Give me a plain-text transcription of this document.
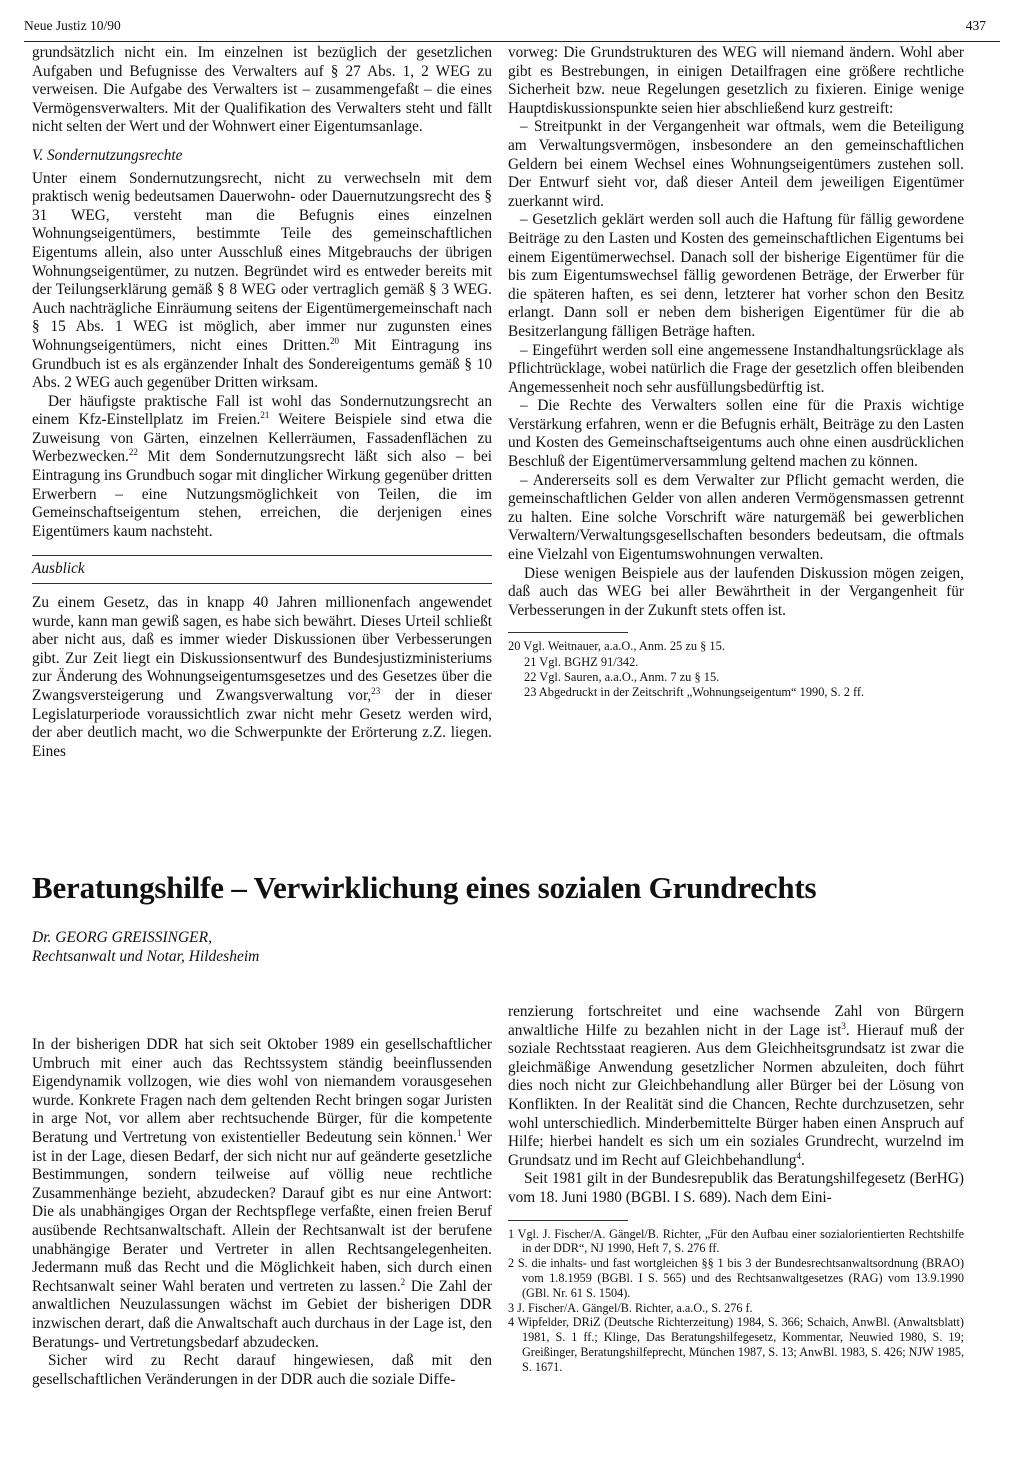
Neue Justiz 10/90	437

grundsätzlich nicht ein. Im einzelnen ist bezüglich der gesetzlichen Aufgaben und Befugnisse des Verwalters auf § 27 Abs. 1, 2 WEG zu verweisen. Die Aufgabe des Verwalters ist – zusammengefaßt – die eines Vermögensverwalters. Mit der Qualifikation des Verwalters steht und fällt nicht selten der Wert und der Wohnwert einer Eigentumsanlage.

V. Sondernutzungsrechte

Unter einem Sondernutzungsrecht, nicht zu verwechseln mit dem praktisch wenig bedeutsamen Dauerwohn- oder Dauernutzungsrecht des § 31 WEG, versteht man die Befugnis eines einzelnen Wohnungseigentümers, bestimmte Teile des gemeinschaftlichen Eigentums allein, also unter Ausschluß eines Mitgebrauchs der übrigen Wohnungseigentümer, zu nutzen. Begründet wird es entweder bereits mit der Teilungserklärung gemäß § 8 WEG oder vertraglich gemäß § 3 WEG. Auch nachträgliche Einräumung seitens der Eigentümergemeinschaft nach § 15 Abs. 1 WEG ist möglich, aber immer nur zugunsten eines Wohnungseigentümers, nicht eines Dritten.$^{20}$ Mit Eintragung ins Grundbuch ist es als ergänzender Inhalt des Sondereigentums gemäß § 10 Abs. 2 WEG auch gegenüber Dritten wirksam.

Der häufigste praktische Fall ist wohl das Sondernutzungsrecht an einem Kfz-Einstellplatz im Freien.$^{21}$ Weitere Beispiele sind etwa die Zuweisung von Gärten, einzelnen Kellerräumen, Fassadenflächen zu Werbezwecken.$^{22}$ Mit dem Sondernutzungsrecht läßt sich also – bei Eintragung ins Grundbuch sogar mit dinglicher Wirkung gegenüber dritten Erwerbern – eine Nutzungsmöglichkeit von Teilen, die im Gemeinschaftseigentum stehen, erreichen, die derjenigen eines Eigentümers kaum nachsteht.

Ausblick

Zu einem Gesetz, das in knapp 40 Jahren millionenfach angewendet wurde, kann man gewiß sagen, es habe sich bewährt. Dieses Urteil schließt aber nicht aus, daß es immer wieder Diskussionen über Verbesserungen gibt. Zur Zeit liegt ein Diskussionsentwurf des Bundesjustizministeriums zur Änderung des Wohnungseigentumsgesetzes und des Gesetzes über die Zwangsversteigerung und Zwangsverwaltung vor,$^{23}$ der in dieser Legislaturperiode voraussichtlich zwar nicht mehr Gesetz werden wird, der aber deutlich macht, wo die Schwerpunkte der Erörterung z.Z. liegen. Eines

vorweg: Die Grundstrukturen des WEG will niemand ändern. Wohl aber gibt es Bestrebungen, in einigen Detailfragen eine größere rechtliche Sicherheit bzw. neue Regelungen gesetzlich zu fixieren. Einige wenige Hauptdiskussionspunkte seien hier abschließend kurz gestreift:

– Streitpunkt in der Vergangenheit war oftmals, wem die Beteiligung am Verwaltungsvermögen, insbesondere an den gemeinschaftlichen Geldern bei einem Wechsel eines Wohnungseigentümers zustehen soll. Der Entwurf sieht vor, daß dieser Anteil dem jeweiligen Eigentümer zuerkannt wird.

– Gesetzlich geklärt werden soll auch die Haftung für fällig gewordene Beiträge zu den Lasten und Kosten des gemeinschaftlichen Eigentums bei einem Eigentümerwechsel. Danach soll der bisherige Eigentümer für die bis zum Eigentumswechsel fällig gewordenen Beträge, der Erwerber für die späteren haften, es sei denn, letzterer hat vorher schon den Besitz erlangt. Dann soll er neben dem bisherigen Eigentümer für die ab Besitzerlangung fälligen Beträge haften.

– Eingeführt werden soll eine angemessene Instandhaltungsrücklage als Pflichtrücklage, wobei natürlich die Frage der gesetzlich offen bleibenden Angemessenheit noch sehr ausfüllungsbedürftig ist.

– Die Rechte des Verwalters sollen eine für die Praxis wichtige Verstärkung erfahren, wenn er die Befugnis erhält, Beiträge zu den Lasten und Kosten des Gemeinschaftseigentums auch ohne einen ausdrücklichen Beschluß der Eigentümerversammlung geltend machen zu können.

– Andererseits soll es dem Verwalter zur Pflicht gemacht werden, die gemeinschaftlichen Gelder von allen anderen Vermögensmassen getrennt zu halten. Eine solche Vorschrift wäre naturgemäß bei gewerblichen Verwaltern/Verwaltungsgesellschaften besonders bedeutsam, die oftmals eine Vielzahl von Eigentumswohnungen verwalten.

Diese wenigen Beispiele aus der laufenden Diskussion mögen zeigen, daß auch das WEG bei aller Bewährtheit in der Vergangenheit für Verbesserungen in der Zukunft stets offen ist.

20 Vgl. Weitnauer, a.a.O., Anm. 25 zu § 15.

21 Vgl. BGHZ 91/342.

22 Vgl. Sauren, a.a.O., Anm. 7 zu § 15.

23 Abgedruckt in der Zeitschrift „Wohnungseigentum“ 1990, S. 2 ff.

Beratungshilfe – Verwirklichung eines sozialen Grundrechts
Dr. GEORG GREISSINGER,
Rechtsanwalt und Notar, Hildesheim

In der bisherigen DDR hat sich seit Oktober 1989 ein gesellschaftlicher Umbruch mit einer auch das Rechtssystem ständig beeinflussenden Eigendynamik vollzogen, wie dies wohl von niemandem vorausgesehen wurde. Konkrete Fragen nach dem geltenden Recht bringen sogar Juristen in arge Not, vor allem aber rechtsuchende Bürger, für die kompetente Beratung und Vertretung von existentieller Bedeutung sein können.$^1$ Wer ist in der Lage, diesen Bedarf, der sich nicht nur auf geänderte gesetzliche Bestimmungen, sondern teilweise auf völlig neue rechtliche Zusammenhänge bezieht, abzudecken? Darauf gibt es nur eine Antwort: Die als unabhängiges Organ der Rechtspflege verfaßte, einen freien Beruf ausübende Rechtsanwaltschaft. Allein der Rechtsanwalt ist der berufene unabhängige Berater und Vertreter in allen Rechtsangelegenheiten. Jedermann muß das Recht und die Möglichkeit haben, sich durch einen Rechtsanwalt seiner Wahl beraten und vertreten zu lassen.$^2$ Die Zahl der anwaltlichen Neuzulassungen wächst im Gebiet der bisherigen DDR inzwischen derart, daß die Anwaltschaft auch durchaus in der Lage ist, den Beratungs- und Vertretungsbedarf abzudecken.

Sicher wird zu Recht darauf hingewiesen, daß mit den gesellschaftlichen Veränderungen in der DDR auch die soziale Diffe-

renzierung fortschreitet und eine wachsende Zahl von Bürgern anwaltliche Hilfe zu bezahlen nicht in der Lage ist$^3$. Hierauf muß der soziale Rechtsstaat reagieren. Aus dem Gleichheitsgrundsatz ist zwar die gleichmäßige Anwendung gesetzlicher Normen abzuleiten, doch führt dies noch nicht zur Gleichbehandlung aller Bürger bei der Lösung von Konflikten. In der Realität sind die Chancen, Rechte durchzusetzen, sehr wohl unterschiedlich. Minderbemittelte Bürger haben einen Anspruch auf Hilfe; hierbei handelt es sich um ein soziales Grundrecht, wurzelnd im Grundsatz und im Recht auf Gleichbehandlung$^4$.

Seit 1981 gilt in der Bundesrepublik das Beratungshilfegesetz (BerHG) vom 18. Juni 1980 (BGBl. I S. 689). Nach dem Eini-

1 Vgl. J. Fischer/A. Gängel/B. Richter, „Für den Aufbau einer sozialorientierten Rechtshilfe in der DDR“, NJ 1990, Heft 7, S. 276 ff.

2 S. die inhalts- und fast wortgleichen §§ 1 bis 3 der Bundesrechtsanwaltsordnung (BRAO) vom 1.8.1959 (BGBl. I S. 565) und des Rechtsanwaltgesetzes (RAG) vom 13.9.1990 (GBl. Nr. 61 S. 1504).

3 J. Fischer/A. Gängel/B. Richter, a.a.O., S. 276 f.

4 Wipfelder, DRiZ (Deutsche Richterzeitung) 1984, S. 366; Schaich, AnwBl. (Anwaltsblatt) 1981, S. 1 ff.; Klinge, Das Beratungshilfegesetz, Kommentar, Neuwied 1980, S. 19; Greißinger, Beratungshilfeprecht, München 1987, S. 13; AnwBl. 1983, S. 426; NJW 1985, S. 1671.
